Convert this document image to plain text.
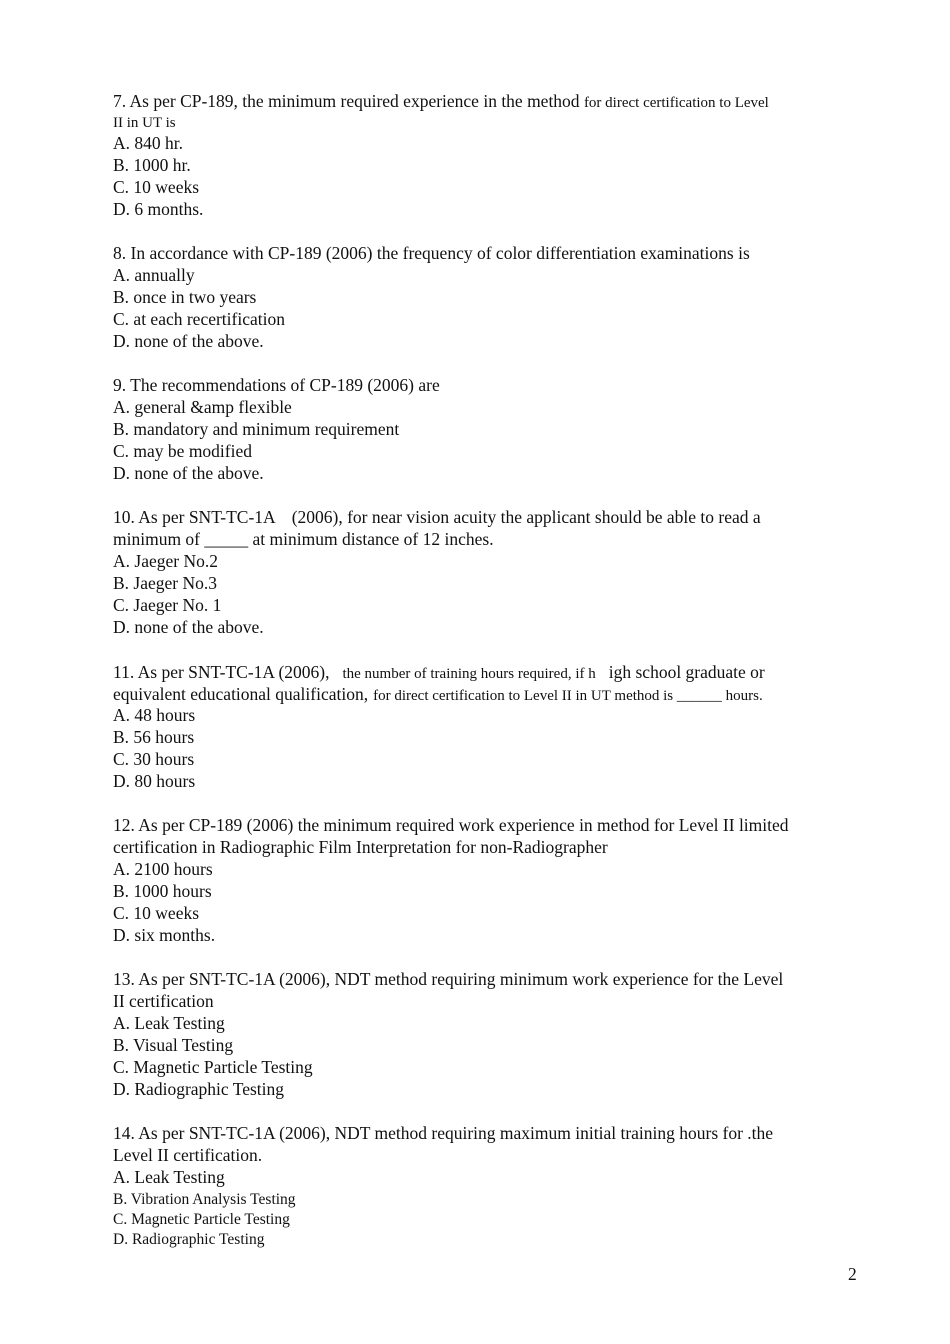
7. As per CP-189, the minimum required experience in the method for direct certification to Level
II in UT is
A. 840 hr.
B. 1000 hr.
C. 10 weeks
D. 6 months.
8. In accordance with CP-189 (2006) the frequency of color differentiation examinations is
A. annually
B. once in two years
C. at each recertification
D. none of the above.
9. The recommendations of CP-189 (2006) are
A. general &amp flexible
B. mandatory and minimum requirement
C. may be modified
D. none of the above.
10. As per SNT-TC-1A (2006), for near vision acuity the applicant should be able to read a
minimum of _____ at minimum distance of 12 inches.
A. Jaeger No.2
B. Jaeger No.3
C. Jaeger No. 1
D. none of the above.
11. As per SNT-TC-1A (2006), the number of training hours required, if h igh school graduate or
equivalent educational qualification, for direct certification to Level II in UT method is ______ hours.
A. 48 hours
B. 56 hours
C. 30 hours
D. 80 hours
12. As per CP-189 (2006) the minimum required work experience in method for Level II limited
certification in Radiographic Film Interpretation for non-Radiographer
A. 2100 hours
B. 1000 hours
C. 10 weeks
D. six months.
13. As per SNT-TC-1A (2006), NDT method requiring minimum work experience for the Level
II certification
A. Leak Testing
B. Visual Testing
C. Magnetic Particle Testing
D. Radiographic Testing
14. As per SNT-TC-1A (2006), NDT method requiring maximum initial training hours for .the
Level II certification.
A. Leak Testing
B. Vibration Analysis Testing
C. Magnetic Particle Testing
D. Radiographic Testing
2
